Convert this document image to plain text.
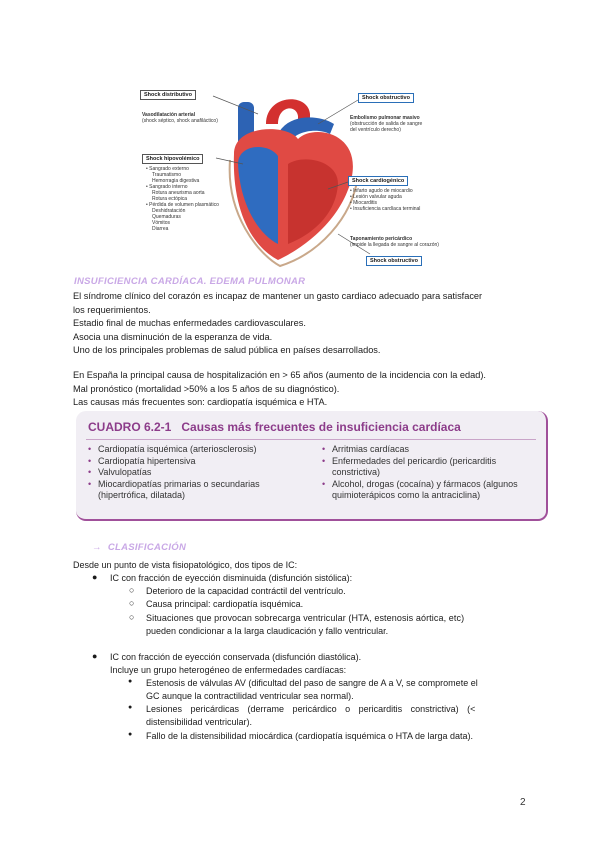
Shock distributivo
Vasodilatación arterial
(shock séptico, shock anafiláctico)
Shock obstructivo
Embolismo pulmonar masivo
(obstrucción de salida de sangre
del ventrículo derecho)
Shock hipovolémico
• Sangrado externo
Traumatismo
Hemorragia digestiva
• Sangrado interno
Rotura aneurisma aorta
Rotura ectópica
• Pérdida de volumen plasmático
Deshidratación
Quemaduras
Vómitos
Diarrea
Shock cardiogénico
• Infarto agudo de miocardio
• Lesión valvular aguda
• Miocarditis
• Insuficiencia cardíaca terminal
Taponamiento pericárdico
(impide la llegada de sangre al corazón)
Shock obstructivo
INSUFICIENCIA CARDÍACA. EDEMA PULMONAR
El síndrome clínico del corazón es incapaz de mantener un gasto cardiaco adecuado para satisfacer
los requerimientos.
Estadio final de muchas enfermedades cardiovasculares.
Asocia una disminución de la esperanza de vida.
Uno de los principales problemas de salud pública en países desarrollados.
En España la principal causa de hospitalización en > 65 años (aumento de la incidencia con la edad).
Mal pronóstico (mortalidad >50% a los 5 años de su diagnóstico).
Las causas más frecuentes son: cardiopatía isquémica e HTA.
CUADRO 6.2-1 Causas más frecuentes de insuficiencia cardíaca
• Cardiopatía isquémica (arteriosclerosis)
• Cardiopatía hipertensiva
• Valvulopatías
• Miocardiopatías primarias o secundarias
(hipertrófica, dilatada)
• Arritmias cardíacas
• Enfermedades del pericardio (pericarditis
constrictiva)
• Alcohol, drogas (cocaína) y fármacos (algunos
quimioterápicos como la antraciclina)
→ CLASIFICACIÓN
Desde un punto de vista fisiopatológico, dos tipos de IC:
● IC con fracción de eyección disminuida (disfunción sistólica):
○ Deterioro de la capacidad contráctil del ventrículo.
○ Causa principal: cardiopatía isquémica.
○ Situaciones que provocan sobrecarga ventricular (HTA, estenosis aórtica, etc)
pueden condicionar a la larga claudicación y fallo ventricular.
● IC con fracción de eyección conservada (disfunción diastólica).
Incluye un grupo heterogéneo de enfermedades cardíacas:
● Estenosis de válvulas AV (dificultad del paso de sangre de A a V, se compromete el
GC aunque la contractilidad ventricular sea normal).
● Lesiones pericárdicas (derrame pericárdico o pericarditis constrictiva) (<
distensibilidad ventricular).
● Fallo de la distensibilidad miocárdica (cardiopatía isquémica o HTA de larga data).
2
